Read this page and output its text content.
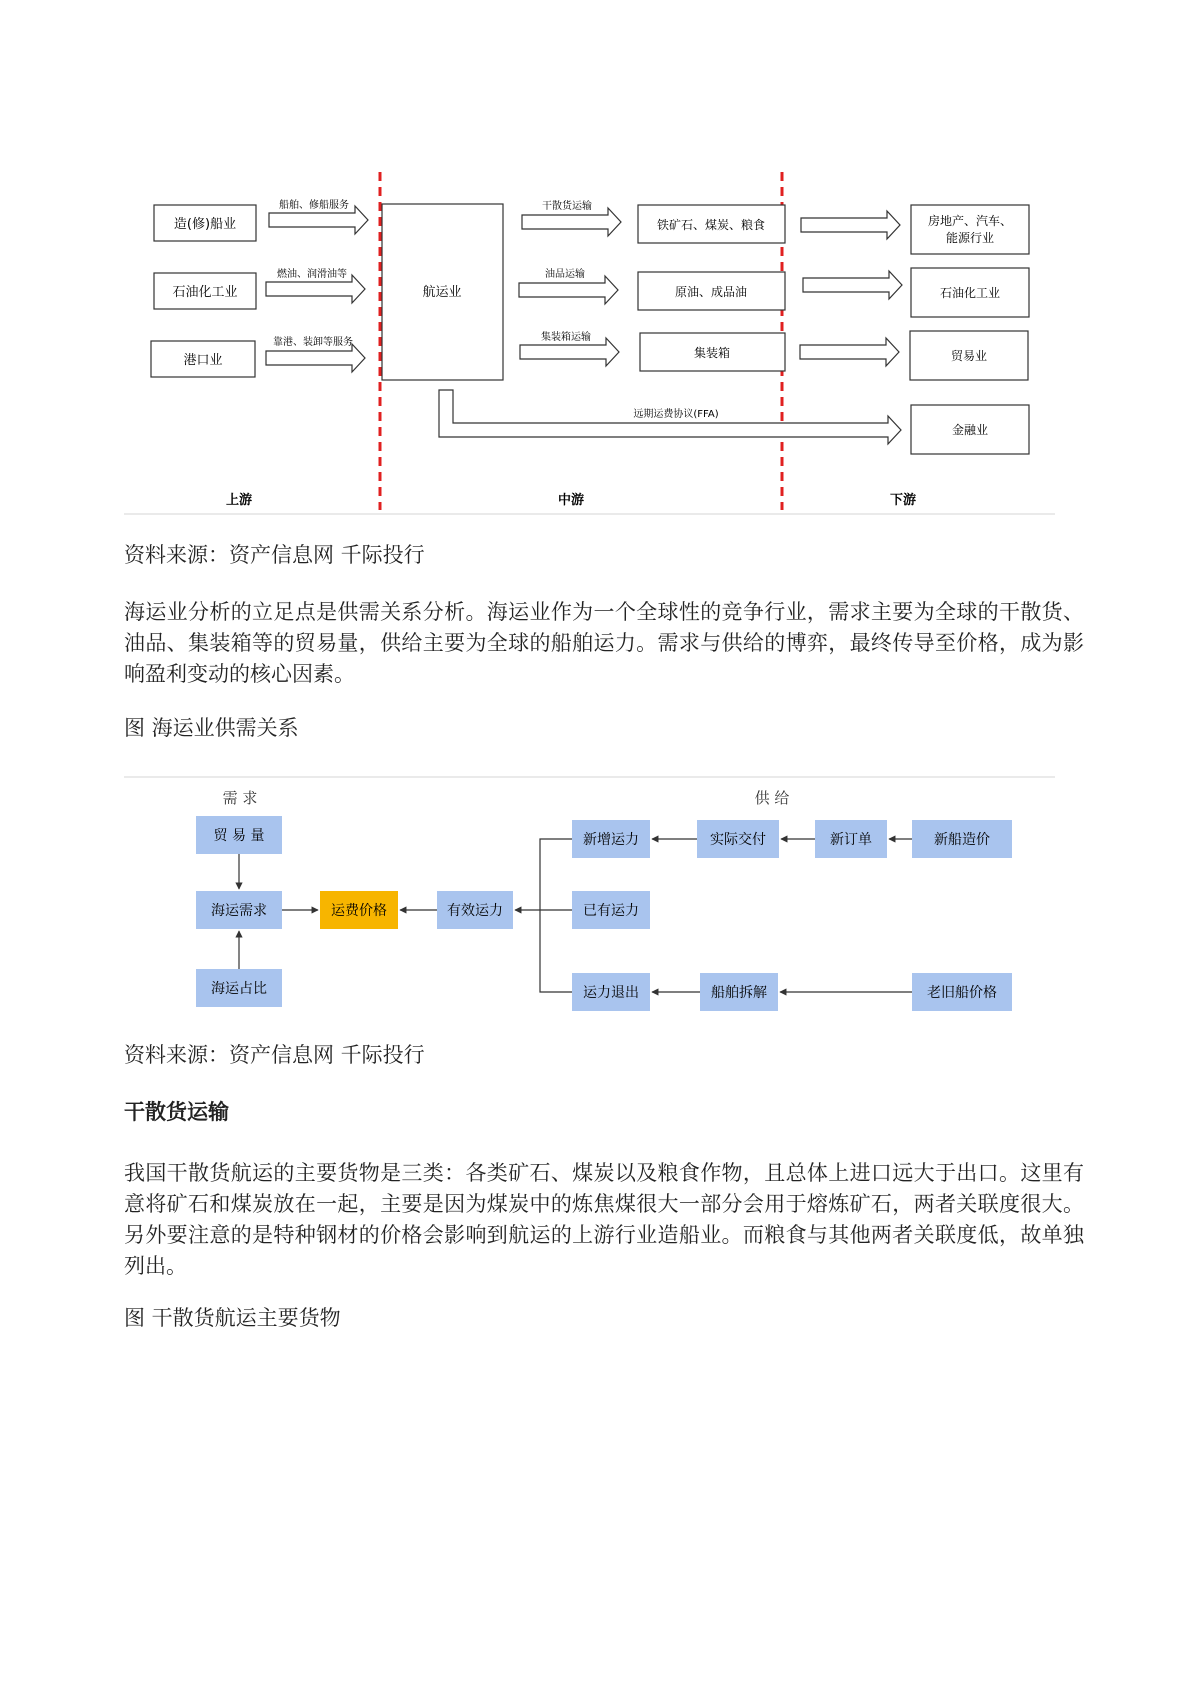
造(修)船业
石油化工业
港口业
船舶、修船服务
燃油、润滑油等
靠港、装卸等服务
航运业
干散货运输
油品运输
集装箱运输
铁矿石、煤炭、粮食
原油、成品油
集装箱
远期运费协议(FFA)
房地产、汽车、
能源行业
石油化工业
贸易业
金融业
上游	中游	下游
资料来源：资产信息网 千际投行
海运业分析的立足点是供需关系分析。海运业作为一个全球性的竞争行业，需求主要为全球的干散货、油品、集装箱等的贸易量，供给主要为全球的船舶运力。需求与供给的博弈，最终传导至价格，成为影响盈利变动的核心因素。
图 海运业供需关系
需 求	供 给
贸 易 量
海运需求
海运占比
运费价格	有效运力
新增运力
已有运力
运力退出
实际交付	新订单	新船造价
船舶拆解	老旧船价格
资料来源：资产信息网 千际投行
干散货运输
我国干散货航运的主要货物是三类：各类矿石、煤炭以及粮食作物，且总体上进口远大于出口。这里有意将矿石和煤炭放在一起，主要是因为煤炭中的炼焦煤很大一部分会用于熔炼矿石，两者关联度很大。另外要注意的是特种钢材的价格会影响到航运的上游行业造船业。而粮食与其他两者关联度低，故单独列出。
图 干散货航运主要货物
